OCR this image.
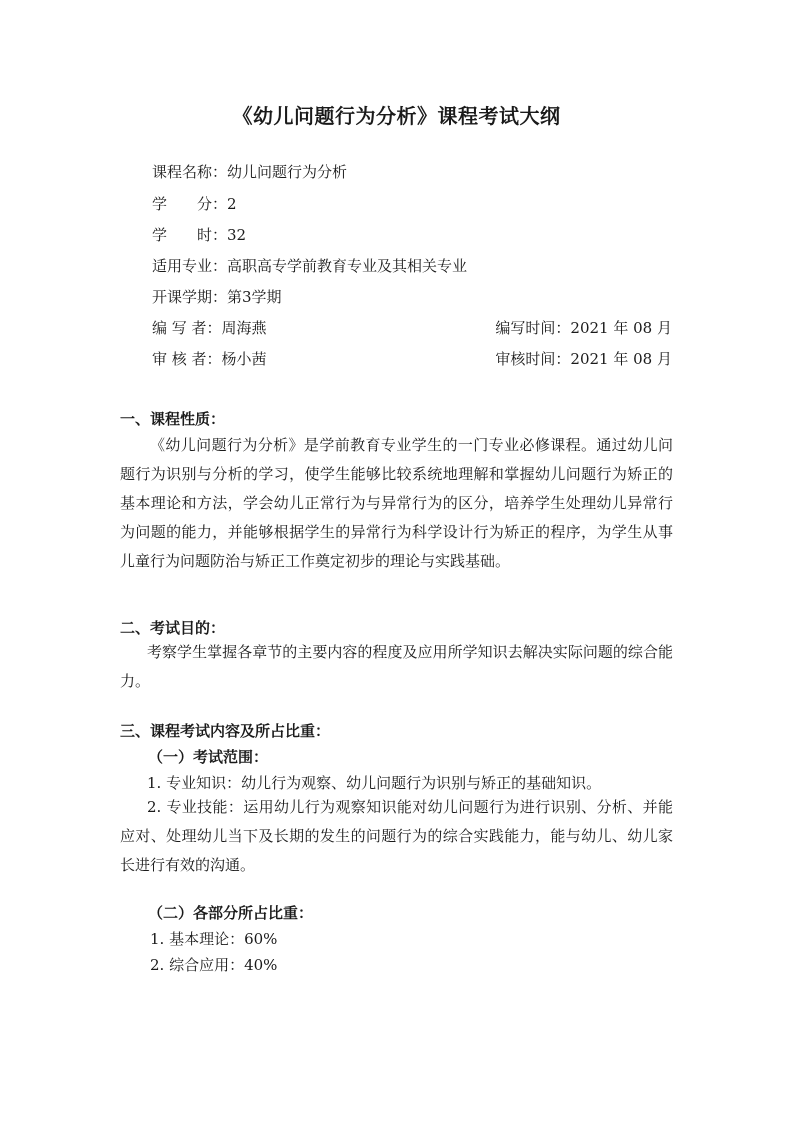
《幼儿问题行为分析》课程考试大纲
课程名称：幼儿问题行为分析
学　　分：2
学　　时：32
适用专业：高职高专学前教育专业及其相关专业
开课学期：第3学期
编 写 者：周海燕	编写时间：2021 年 08 月
审 核 者：杨小茜	审核时间：2021 年 08 月
一、课程性质：
《幼儿问题行为分析》是学前教育专业学生的一门专业必修课程。通过幼儿问题行为识别与分析的学习，使学生能够比较系统地理解和掌握幼儿问题行为矫正的基本理论和方法，学会幼儿正常行为与异常行为的区分，培养学生处理幼儿异常行为问题的能力，并能够根据学生的异常行为科学设计行为矫正的程序，为学生从事儿童行为问题防治与矫正工作奠定初步的理论与实践基础。
二、考试目的：
考察学生掌握各章节的主要内容的程度及应用所学知识去解决实际问题的综合能力。
三、课程考试内容及所占比重：
（一）考试范围：
1. 专业知识：幼儿行为观察、幼儿问题行为识别与矫正的基础知识。
2. 专业技能：运用幼儿行为观察知识能对幼儿问题行为进行识别、分析、并能应对、处理幼儿当下及长期的发生的问题行为的综合实践能力，能与幼儿、幼儿家长进行有效的沟通。
（二）各部分所占比重：
1. 基本理论：60%
2. 综合应用：40%
